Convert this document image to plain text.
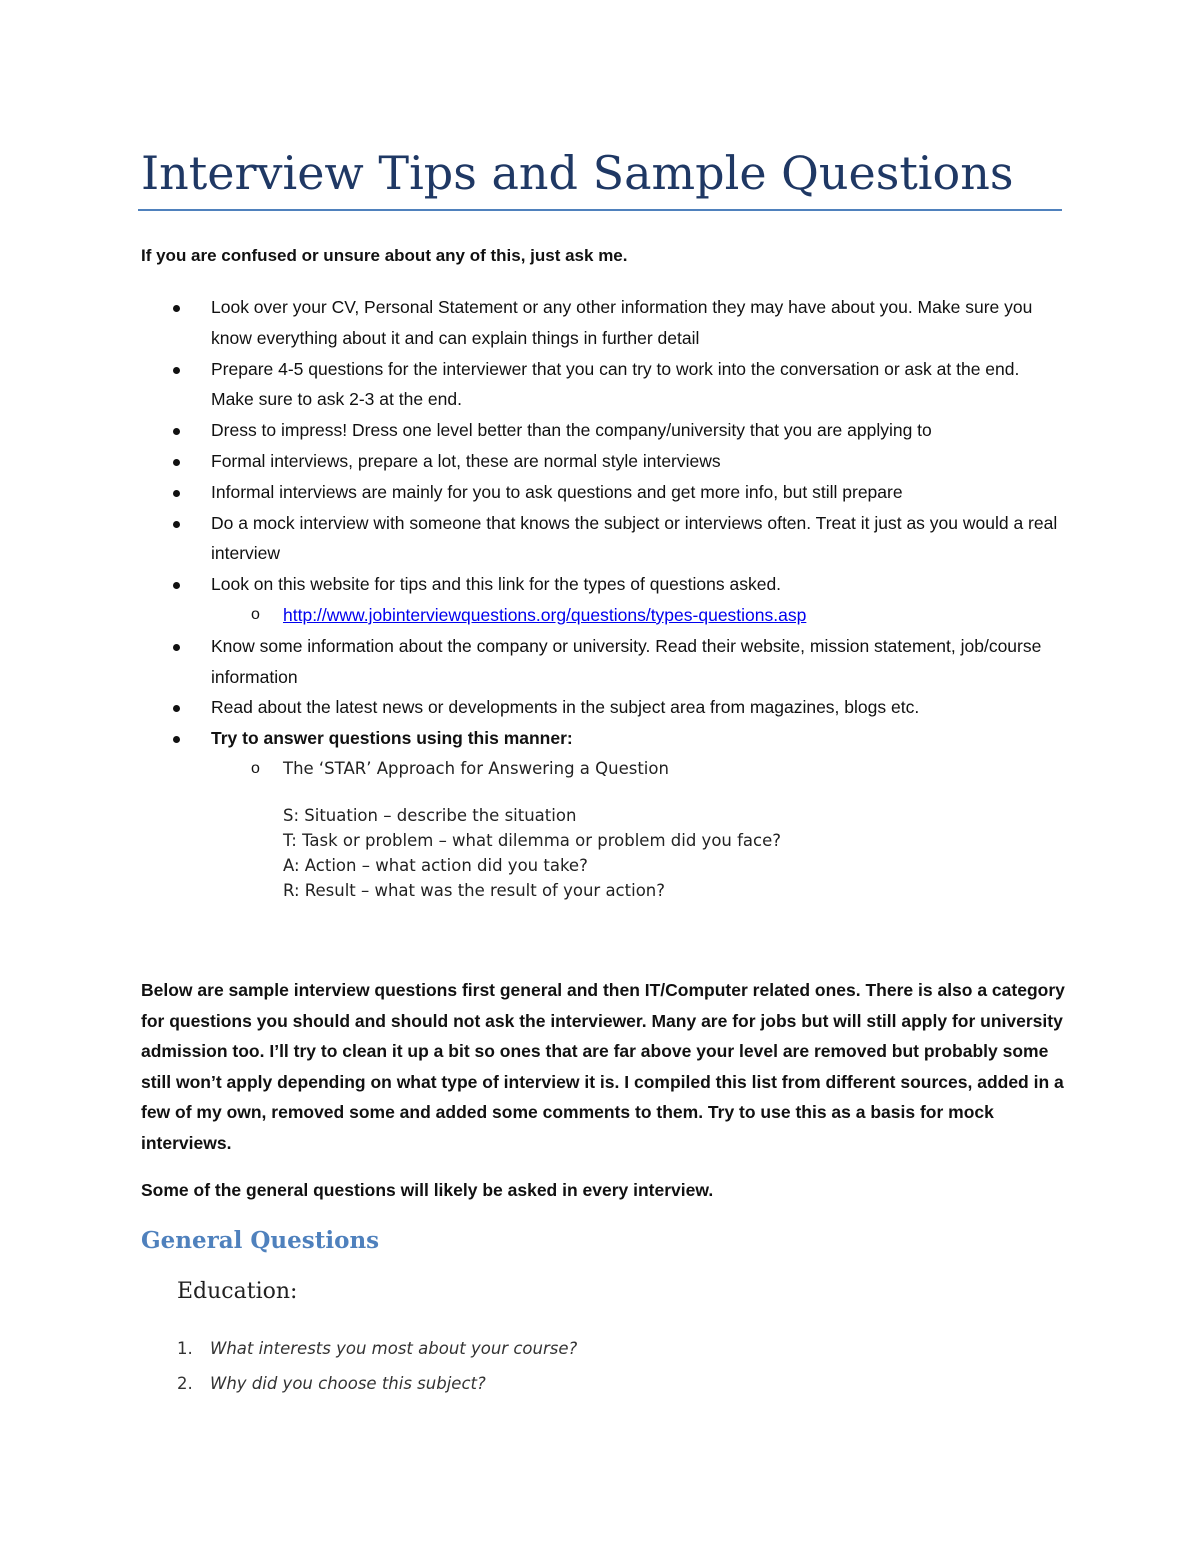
Interview Tips and Sample Questions
If you are confused or unsure about any of this, just ask me.
Look over your CV, Personal Statement or any other information they may have about you. Make sure you know everything about it and can explain things in further detail
Prepare 4-5 questions for the interviewer that you can try to work into the conversation or ask at the end. Make sure to ask 2-3 at the end.
Dress to impress! Dress one level better than the company/university that you are applying to
Formal interviews, prepare a lot, these are normal style interviews
Informal interviews are mainly for you to ask questions and get more info, but still prepare
Do a mock interview with someone that knows the subject or interviews often. Treat it just as you would a real interview
Look on this website for tips and this link for the types of questions asked.
o http://www.jobinterviewquestions.org/questions/types-questions.asp
Know some information about the company or university. Read their website, mission statement, job/course information
Read about the latest news or developments in the subject area from magazines, blogs etc.
Try to answer questions using this manner:
o The ‘STAR’ Approach for Answering a Question
S: Situation – describe the situation
T: Task or problem – what dilemma or problem did you face?
A: Action – what action did you take?
R: Result – what was the result of your action?

Below are sample interview questions first general and then IT/Computer related ones. There is also a category for questions you should and should not ask the interviewer. Many are for jobs but will still apply for university admission too. I’ll try to clean it up a bit so ones that are far above your level are removed but probably some still won’t apply depending on what type of interview it is. I compiled this list from different sources, added in a few of my own, removed some and added some comments to them. Try to use this as a basis for mock interviews.

Some of the general questions will likely be asked in every interview.

General Questions
Education:
1. What interests you most about your course?
2. Why did you choose this subject?
